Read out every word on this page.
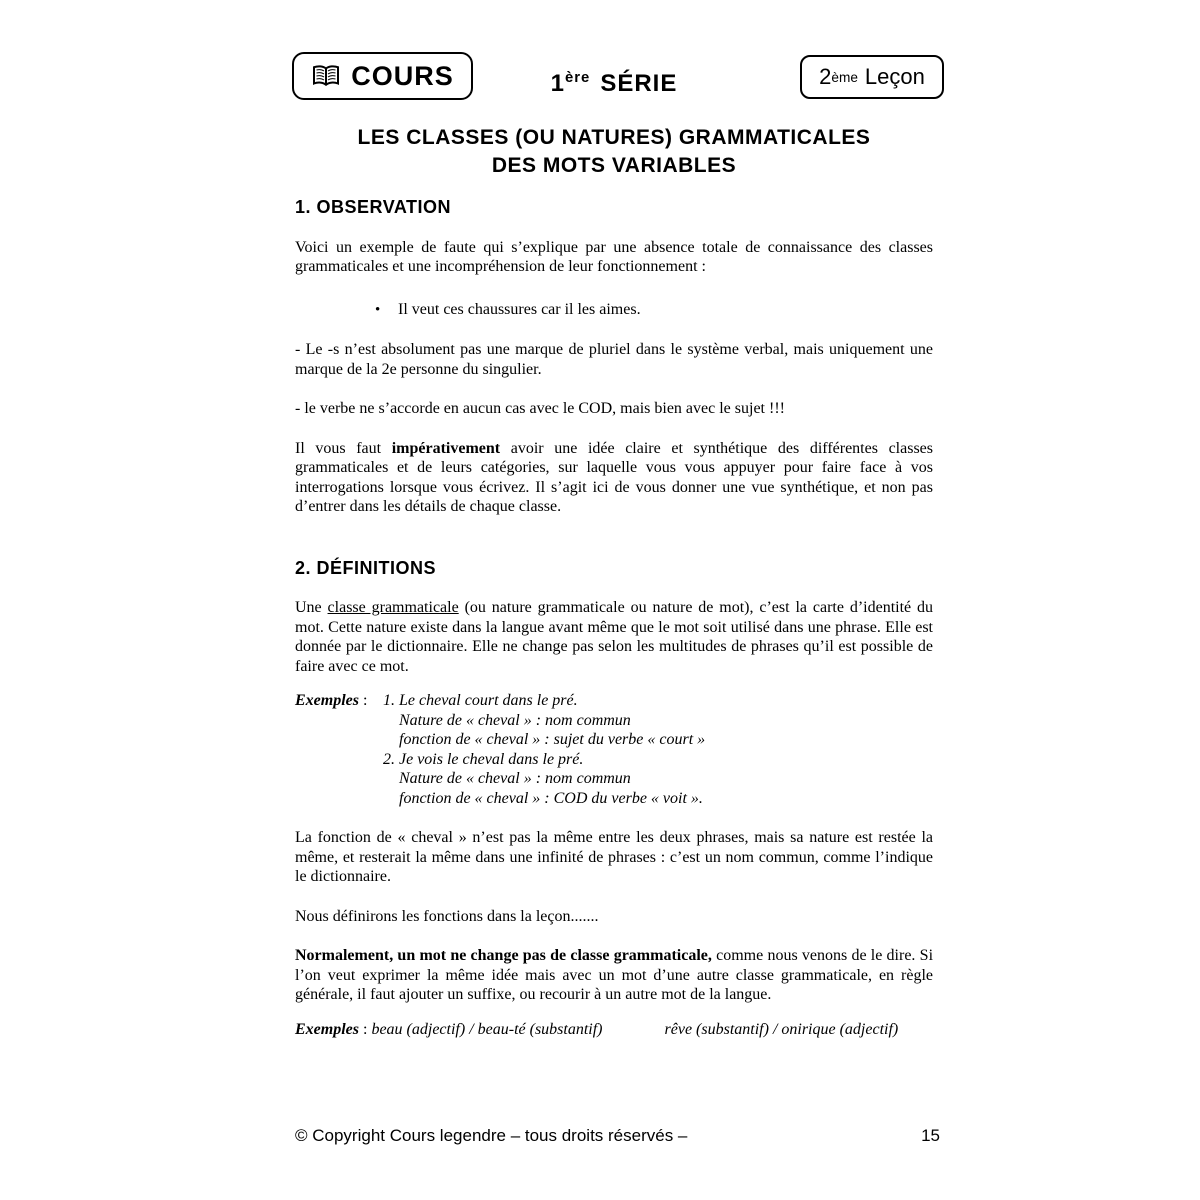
COURS	1ère SÉRIE	2 ème Leçon
LES CLASSES (OU NATURES) GRAMMATICALES
DES MOTS VARIABLES
1. OBSERVATION

Voici un exemple de faute qui s’explique par une absence totale de connaissance des classes grammaticales et une incompréhension de leur fonctionnement :

• Il veut ces chaussures car il les aimes.

- Le -s n’est absolument pas une marque de pluriel dans le système verbal, mais uniquement une marque de la 2e personne du singulier.

- le verbe ne s’accorde en aucun cas avec le COD, mais bien avec le sujet !!!

Il vous faut impérativement avoir une idée claire et synthétique des différentes classes grammaticales et de leurs catégories, sur laquelle vous vous appuyer pour faire face à vos interrogations lorsque vous écrivez. Il s’agit ici de vous donner une vue synthétique, et non pas d’entrer dans les détails de chaque classe.

2. DÉFINITIONS

Une classe grammaticale (ou nature grammaticale ou nature de mot), c’est la carte d’identité du mot. Cette nature existe dans la langue avant même que le mot soit utilisé dans une phrase. Elle est donnée par le dictionnaire. Elle ne change pas selon les multitudes de phrases qu’il est possible de faire avec ce mot.

Exemples : 1. Le cheval court dans le pré.
Nature de « cheval » : nom commun
fonction de « cheval » : sujet du verbe « court »
2. Je vois le cheval dans le pré.
Nature de « cheval » : nom commun
fonction de « cheval » : COD du verbe « voit ».

La fonction de « cheval » n’est pas la même entre les deux phrases, mais sa nature est restée la même, et resterait la même dans une infinité de phrases : c’est un nom commun, comme l’indique le dictionnaire.

Nous définirons les fonctions dans la leçon.......

Normalement, un mot ne change pas de classe grammaticale, comme nous venons de le dire. Si l’on veut exprimer la même idée mais avec un mot d’une autre classe grammaticale, en règle générale, il faut ajouter un suffixe, ou recourir à un autre mot de la langue.

Exemples : beau (adjectif) / beau-té (substantif)	rêve (substantif) / onirique (adjectif)
© Copyright Cours legendre – tous droits réservés –	15
